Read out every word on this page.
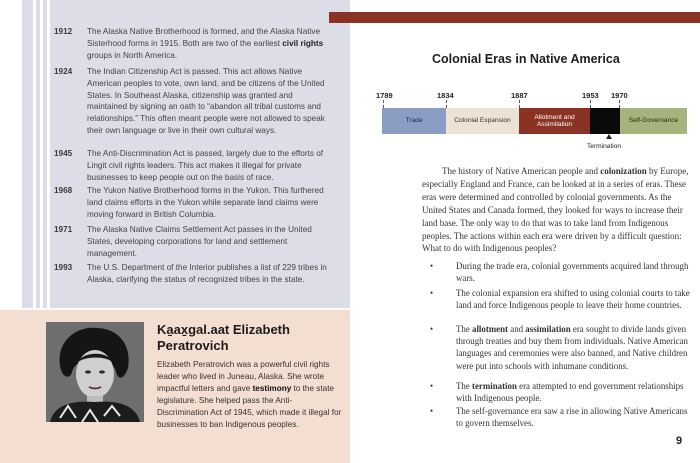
1912	The Alaska Native Brotherhood is formed, and the Alaska Native Sisterhood forms in 1915. Both are two of the earliest civil rights groups in North America.
1924	The Indian Citizenship Act is passed. This act allows Native American peoples to vote, own land, and be citizens of the United States. In Southeast Alaska, citizenship was granted and maintained by signing an oath to “abandon all tribal customs and relationships.” This often meant people were not allowed to speak their own language or live in their own cultural ways.
1945	The Anti-Discrimination Act is passed, largely due to the efforts of Lingit civil rights leaders. This act makes it illegal for private businesses to keep people out on the basis of race.
1968	The Yukon Native Brotherhood forms in the Yukon. This furthered land claims efforts in the Yukon while separate land claims were moving forward in British Columbia.
1971	The Alaska Native Claims Settlement Act passes in the United States, developing corporations for land and settlement management.
1993	The U.S. Department of the Interior publishes a list of 229 tribes in Alaska, clarifying the status of recognized tribes in the state.
Ka̱ax̱gal.aat Elizabeth Peratrovich
Elizabeth Peratrovich was a powerful civil rights leader who lived in Juneau, Alaska. She wrote impactful letters and gave testimony to the state legislature. She helped pass the Anti-Discrimination Act of 1945, which made it illegal for businesses to ban Indigenous peoples.
Colonial Eras in Native America
1789	1834	1887	1953 1970
Trade	Colonial Expansion
Allotment and Assimilation
Self-Governance
Termination
The history of Native American people and colonization by Europe, especially England and France, can be looked at in a series of eras. These eras were determined and controlled by colonial governments. As the United States and Canada formed, they looked for ways to increase their land base. The only way to do that was to take land from Indigenous peoples. The actions within each era were driven by a difficult question: What to do with Indigenous peoples?
•	During the trade era, colonial governments acquired land through wars.
•	The colonial expansion era shifted to using colonial courts to take land and force Indigenous people to leave their home countries.
•	The allotment and assimilation era sought to divide lands given through treaties and buy them from individuals. Native American languages and ceremonies were also banned, and Native children were put into schools with inhumane conditions.
•	The termination era attempted to end government relationships with Indigenous people.
•	The self-governance era saw a rise in allowing Native Americans to govern themselves.
9
